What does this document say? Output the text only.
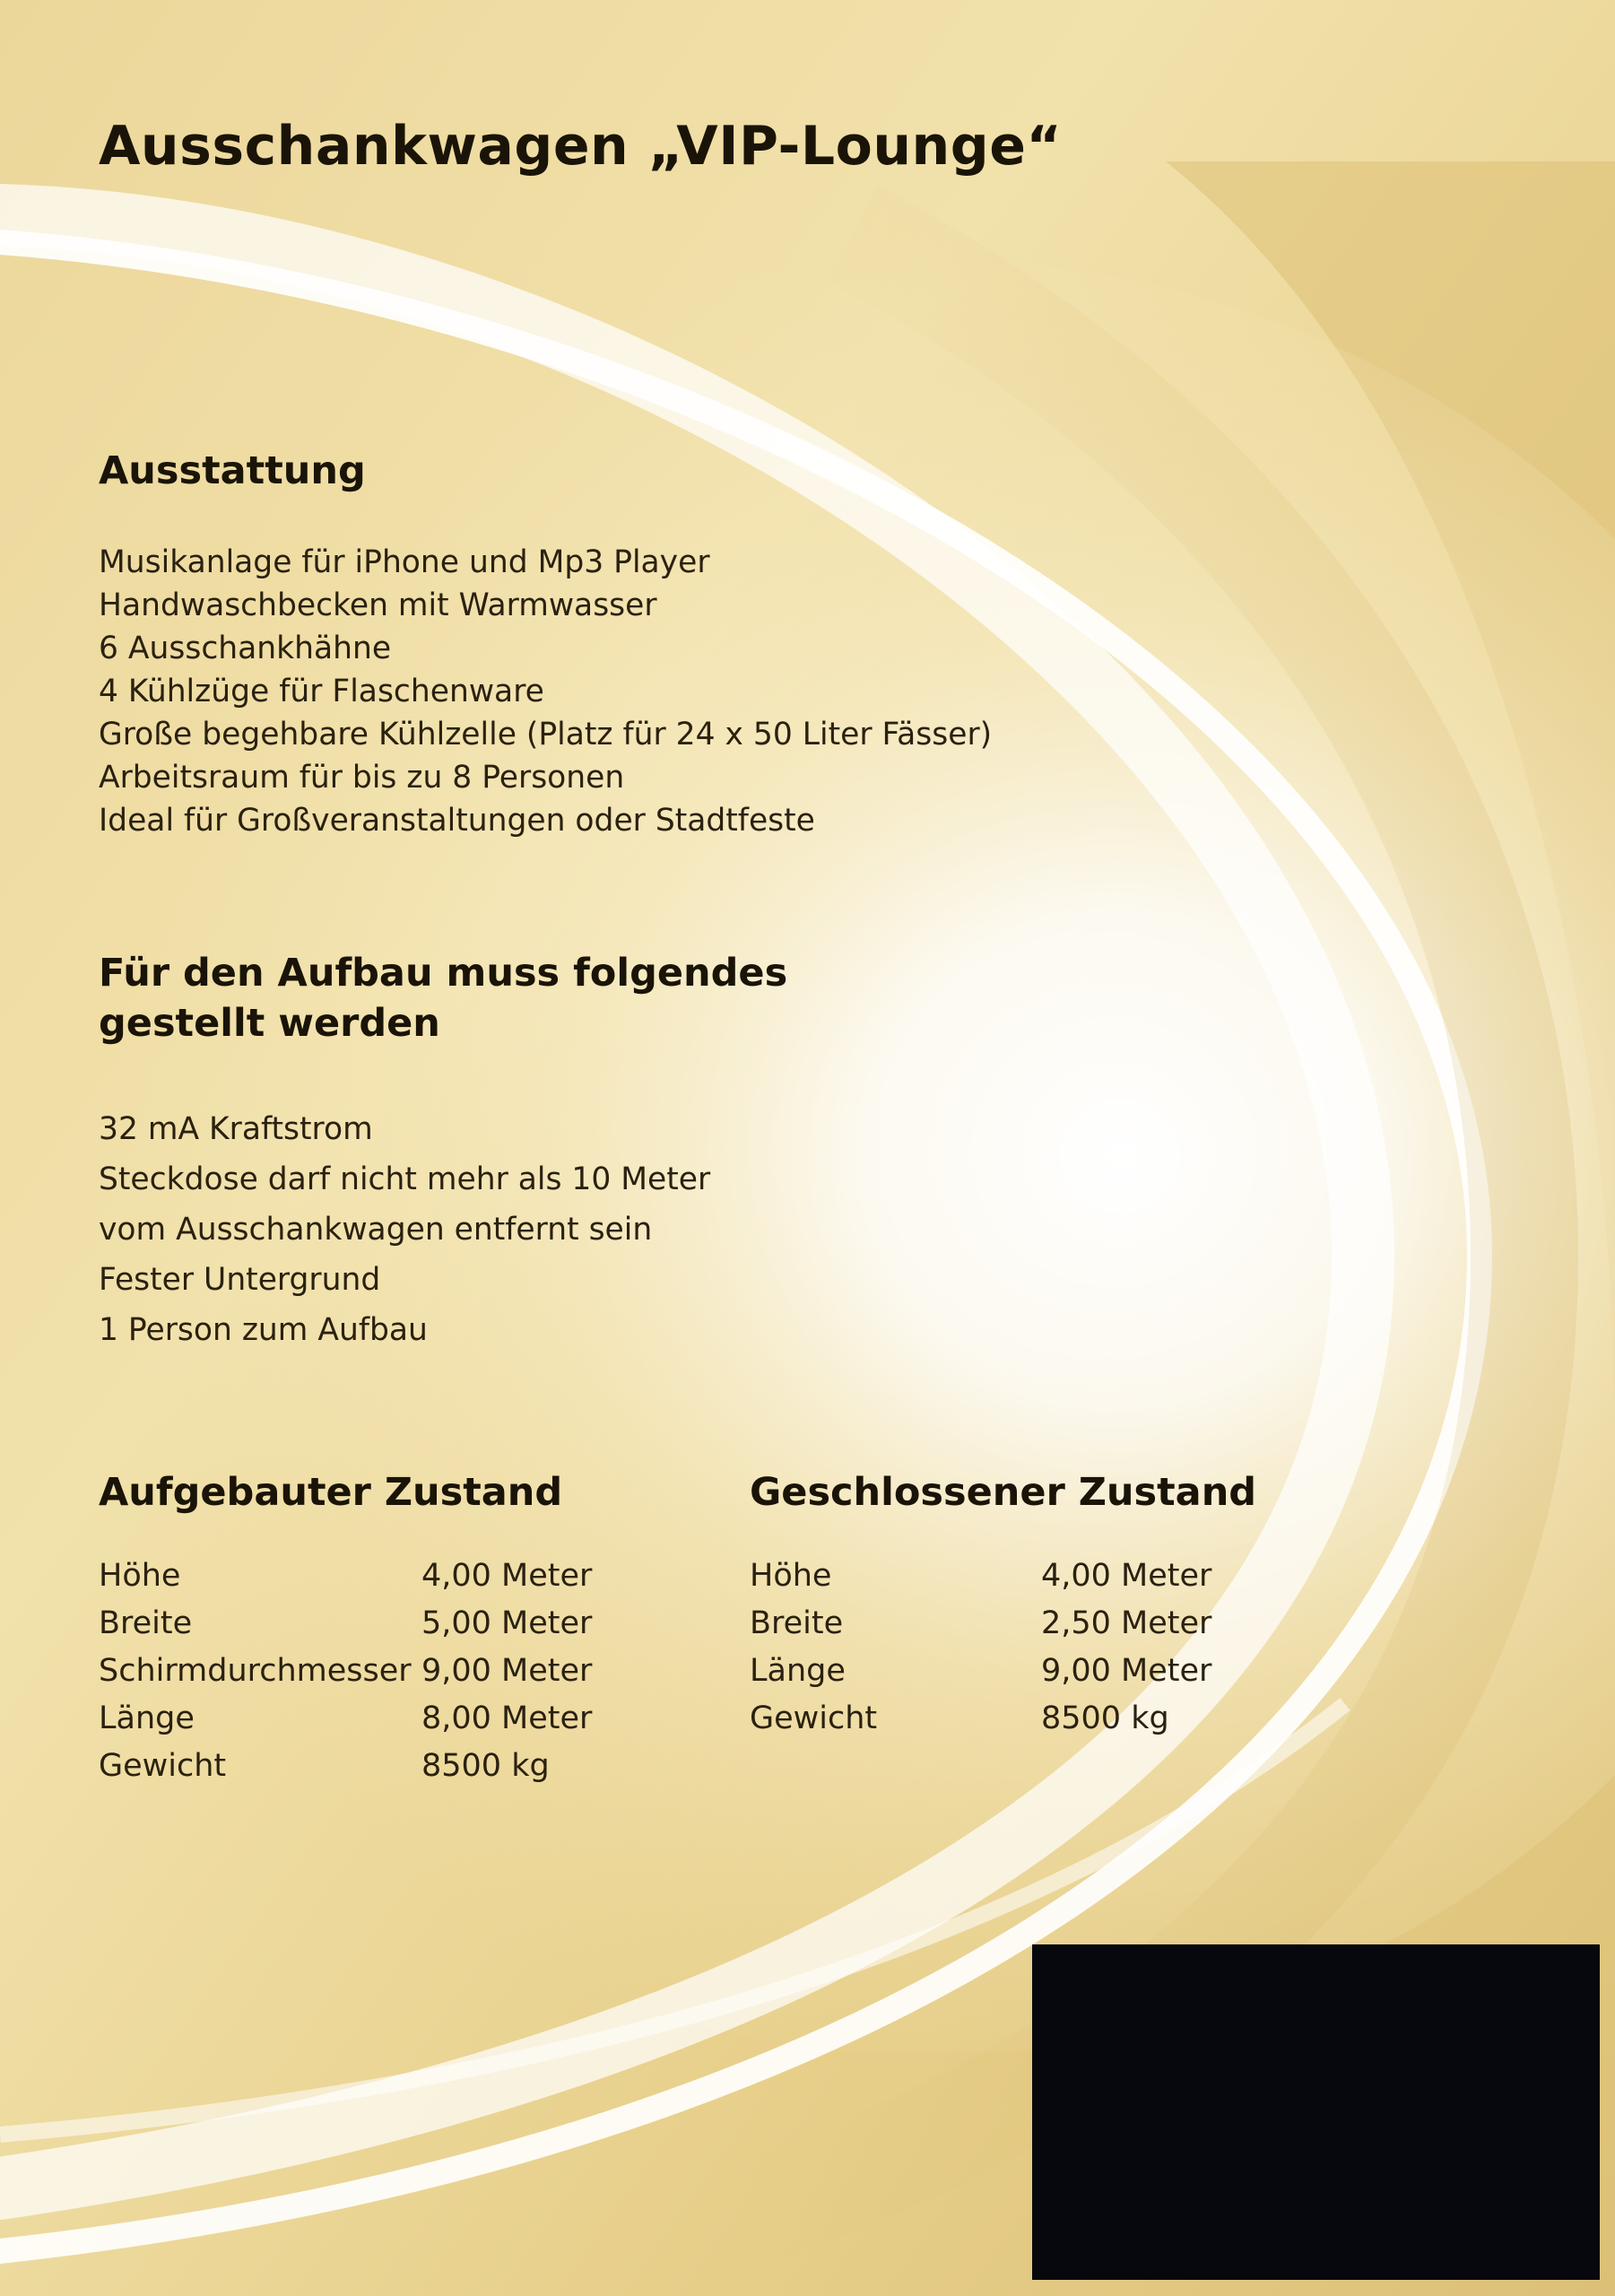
Ausschankwagen „VIP-Lounge“
Ausstattung
Musikanlage für iPhone und Mp3 Player
Handwaschbecken mit Warmwasser
6 Ausschankhähne
4 Kühlzüge für Flaschenware
Große begehbare Kühlzelle (Platz für 24 x 50 Liter Fässer)
Arbeitsraum für bis zu 8 Personen
Ideal für Großveranstaltungen oder Stadtfeste
Für den Aufbau muss folgendes
gestellt werden
32 mA Kraftstrom
Steckdose darf nicht mehr als 10 Meter
vom Ausschankwagen entfernt sein
Fester Untergrund
1 Person zum Aufbau
Aufgebauter Zustand
Höhe	4,00 Meter
Breite	5,00 Meter
Schirmdurchmesser	9,00 Meter
Länge	8,00 Meter
Gewicht	8500 kg
Geschlossener Zustand
Höhe	4,00 Meter
Breite	2,50 Meter
Länge	9,00 Meter
Gewicht	8500 kg
